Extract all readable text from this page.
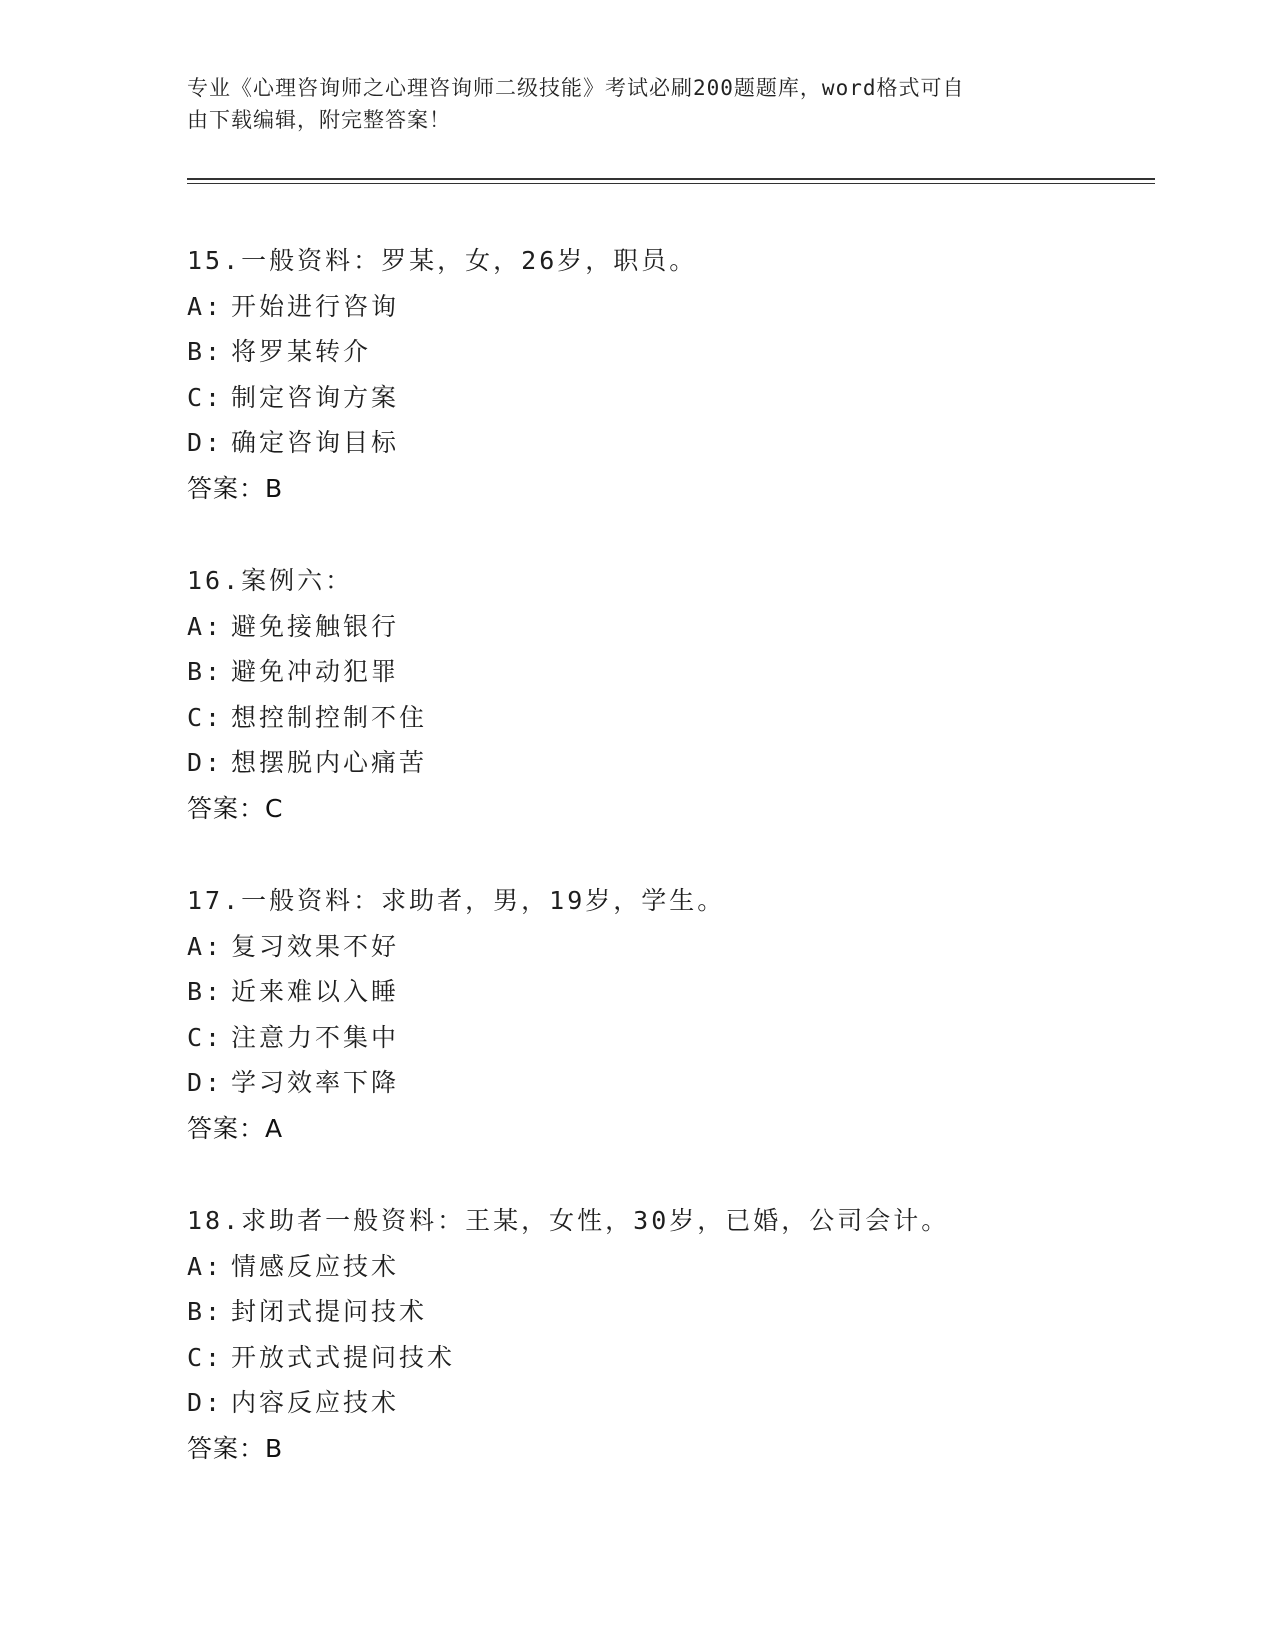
专业《心理咨询师之心理咨询师二级技能》考试必刷200题题库，word格式可自
由下载编辑，附完整答案！
15.一般资料：罗某，女，26岁，职员。
A: 开始进行咨询
B: 将罗某转介
C: 制定咨询方案
D: 确定咨询目标
答案：B
16.案例六：
A: 避免接触银行
B: 避免冲动犯罪
C: 想控制控制不住
D: 想摆脱内心痛苦
答案：C
17.一般资料：求助者，男，19岁，学生。
A: 复习效果不好
B: 近来难以入睡
C: 注意力不集中
D: 学习效率下降
答案：A
18.求助者一般资料：王某，女性，30岁，已婚，公司会计。
A: 情感反应技术
B: 封闭式提问技术
C: 开放式式提问技术
D: 内容反应技术
答案：B
